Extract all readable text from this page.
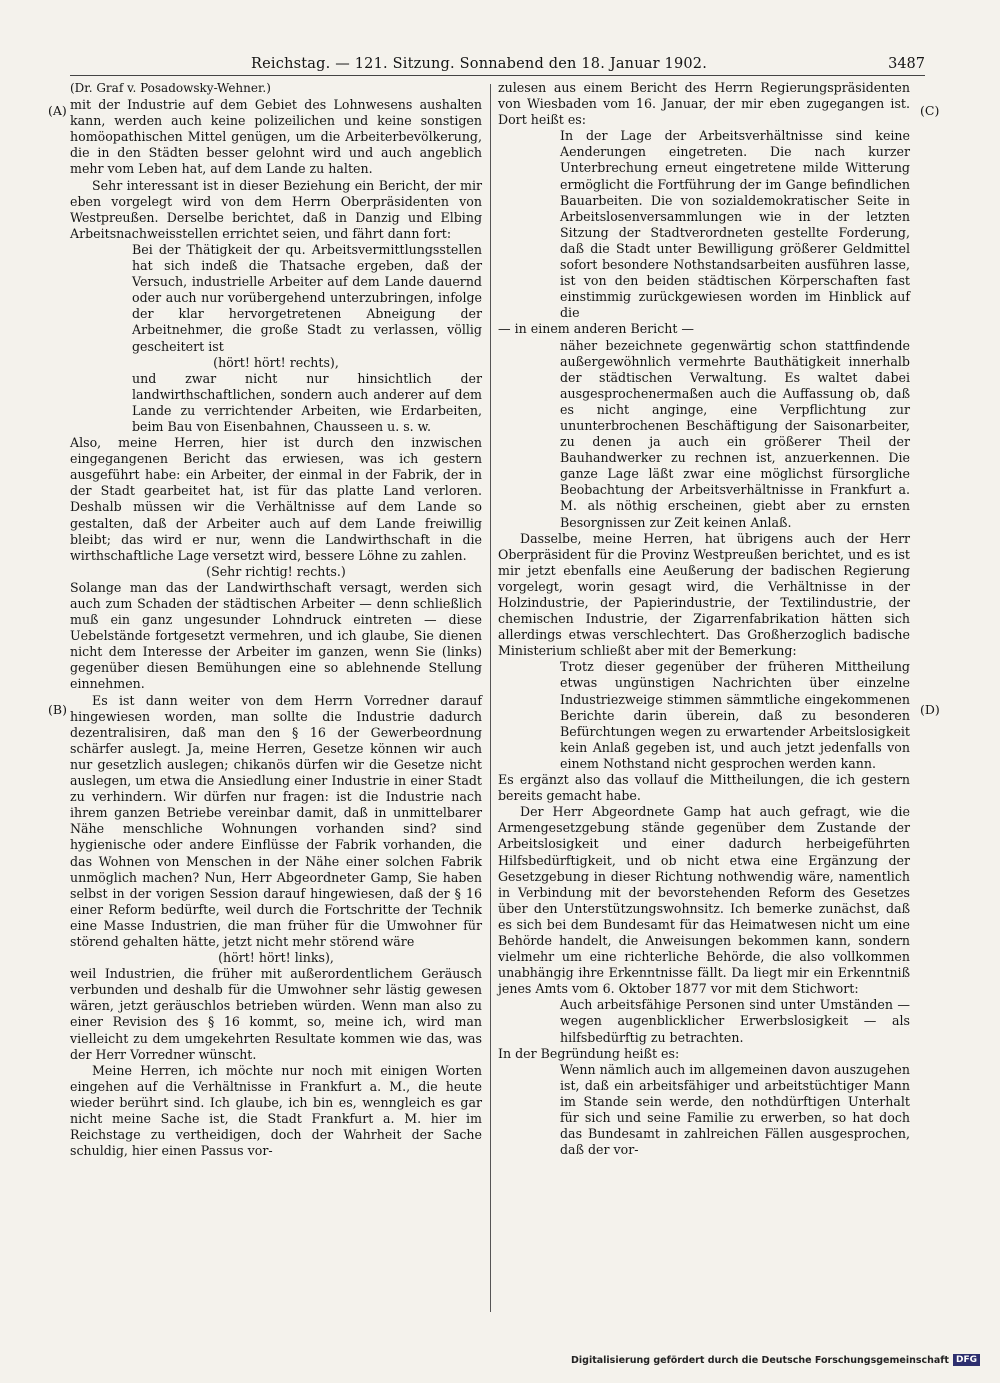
Reichstag. — 121. Sitzung. Sonnabend den 18. Januar 1902.	3487
(A)
(B)
(C)
(D)

(Dr. Graf v. Posadowsky-Wehner.)

mit der Industrie auf dem Gebiet des Lohnwesens aushalten kann, werden auch keine polizeilichen und keine sonstigen homöopathischen Mittel genügen, um die Arbeiterbevölkerung, die in den Städten besser gelohnt wird und auch angeblich mehr vom Leben hat, auf dem Lande zu halten.

Sehr interessant ist in dieser Beziehung ein Bericht, der mir eben vorgelegt wird von dem Herrn Oberpräsidenten von Westpreußen. Derselbe berichtet, daß in Danzig und Elbing Arbeitsnachweisstellen errichtet seien, und fährt dann fort:

Bei der Thätigkeit der qu. Arbeitsvermittlungsstellen hat sich indeß die Thatsache ergeben, daß der Versuch, industrielle Arbeiter auf dem Lande dauernd oder auch nur vorübergehend unterzubringen, infolge der klar hervorgetretenen Abneigung der Arbeitnehmer, die große Stadt zu verlassen, völlig gescheitert ist

(hört! hört! rechts),

und zwar nicht nur hinsichtlich der landwirthschaftlichen, sondern auch anderer auf dem Lande zu verrichtender Arbeiten, wie Erdarbeiten, beim Bau von Eisenbahnen, Chausseen u. s. w.

Also, meine Herren, hier ist durch den inzwischen eingegangenen Bericht das erwiesen, was ich gestern ausgeführt habe: ein Arbeiter, der einmal in der Fabrik, der in der Stadt gearbeitet hat, ist für das platte Land verloren. Deshalb müssen wir die Verhältnisse auf dem Lande so gestalten, daß der Arbeiter auch auf dem Lande freiwillig bleibt; das wird er nur, wenn die Landwirthschaft in die wirthschaftliche Lage versetzt wird, bessere Löhne zu zahlen.

(Sehr richtig! rechts.)

Solange man das der Landwirthschaft versagt, werden sich auch zum Schaden der städtischen Arbeiter — denn schließlich muß ein ganz ungesunder Lohndruck eintreten — diese Uebelstände fortgesetzt vermehren, und ich glaube, Sie dienen nicht dem Interesse der Arbeiter im ganzen, wenn Sie (links) gegenüber diesen Bemühungen eine so ablehnende Stellung einnehmen.

Es ist dann weiter von dem Herrn Vorredner darauf hingewiesen worden, man sollte die Industrie dadurch dezentralisiren, daß man den § 16 der Gewerbeordnung schärfer auslegt. Ja, meine Herren, Gesetze können wir auch nur gesetzlich auslegen; chikanös dürfen wir die Gesetze nicht auslegen, um etwa die Ansiedlung einer Industrie in einer Stadt zu verhindern. Wir dürfen nur fragen: ist die Industrie nach ihrem ganzen Betriebe vereinbar damit, daß in unmittelbarer Nähe menschliche Wohnungen vorhanden sind? sind hygienische oder andere Einflüsse der Fabrik vorhanden, die das Wohnen von Menschen in der Nähe einer solchen Fabrik unmöglich machen? Nun, Herr Abgeordneter Gamp, Sie haben selbst in der vorigen Session darauf hingewiesen, daß der § 16 einer Reform bedürfte, weil durch die Fortschritte der Technik eine Masse Industrien, die man früher für die Umwohner für störend gehalten hätte, jetzt nicht mehr störend wäre

(hört! hört! links),

weil Industrien, die früher mit außerordentlichem Geräusch verbunden und deshalb für die Umwohner sehr lästig gewesen wären, jetzt geräuschlos betrieben würden. Wenn man also zu einer Revision des § 16 kommt, so, meine ich, wird man vielleicht zu dem umgekehrten Resultate kommen wie das, was der Herr Vorredner wünscht.

Meine Herren, ich möchte nur noch mit einigen Worten eingehen auf die Verhältnisse in Frankfurt a. M., die heute wieder berührt sind. Ich glaube, ich bin es, wenngleich es gar nicht meine Sache ist, die Stadt Frankfurt a. M. hier im Reichstage zu vertheidigen, doch der Wahrheit der Sache schuldig, hier einen Passus vor-

zulesen aus einem Bericht des Herrn Regierungspräsidenten von Wiesbaden vom 16. Januar, der mir eben zugegangen ist. Dort heißt es:

In der Lage der Arbeitsverhältnisse sind keine Aenderungen eingetreten. Die nach kurzer Unterbrechung erneut eingetretene milde Witterung ermöglicht die Fortführung der im Gange befindlichen Bauarbeiten. Die von sozialdemokratischer Seite in Arbeitslosenversammlungen wie in der letzten Sitzung der Stadtverordneten gestellte Forderung, daß die Stadt unter Bewilligung größerer Geldmittel sofort besondere Nothstandsarbeiten ausführen lasse, ist von den beiden städtischen Körperschaften fast einstimmig zurückgewiesen worden im Hinblick auf die

— in einem anderen Bericht —

näher bezeichnete gegenwärtig schon stattfindende außergewöhnlich vermehrte Bauthätigkeit innerhalb der städtischen Verwaltung. Es waltet dabei ausgesprochenermaßen auch die Auffassung ob, daß es nicht angingе, eine Verpflichtung zur ununterbrochenen Beschäftigung der Saisonarbeiter, zu denen ja auch ein größerer Theil der Bauhandwerker zu rechnen ist, anzuerkennen. Die ganze Lage läßt zwar eine möglichst fürsorgliche Beobachtung der Arbeitsverhältnisse in Frankfurt a. M. als nöthig erscheinen, giebt aber zu ernsten Besorgnissen zur Zeit keinen Anlaß.

Dasselbe, meine Herren, hat übrigens auch der Herr Oberpräsident für die Provinz Westpreußen berichtet, und es ist mir jetzt ebenfalls eine Aeußerung der badischen Regierung vorgelegt, worin gesagt wird, die Verhältnisse in der Holzindustrie, der Papierindustrie, der Textilindustrie, der chemischen Industrie, der Zigarrenfabrikation hätten sich allerdings etwas verschlechtert. Das Großherzoglich badische Ministerium schließt aber mit der Bemerkung:

Trotz dieser gegenüber der früheren Mittheilung etwas ungünstigen Nachrichten über einzelne Industriezweige stimmen sämmtliche eingekommenen Berichte darin überein, daß zu besonderen Befürchtungen wegen zu erwartender Arbeitslosigkeit kein Anlaß gegeben ist, und auch jetzt jedenfalls von einem Nothstand nicht gesprochen werden kann.

Es ergänzt also das vollauf die Mittheilungen, die ich gestern bereits gemacht habe.

Der Herr Abgeordnete Gamp hat auch gefragt, wie die Armengesetzgebung stände gegenüber dem Zustande der Arbeitslosigkeit und einer dadurch herbeigeführten Hilfsbedürftigkeit, und ob nicht etwa eine Ergänzung der Gesetzgebung in dieser Richtung nothwendig wäre, namentlich in Verbindung mit der bevorstehenden Reform des Gesetzes über den Unterstützungswohnsitz. Ich bemerke zunächst, daß es sich bei dem Bundesamt für das Heimatwesen nicht um eine Behörde handelt, die Anweisungen bekommen kann, sondern vielmehr um eine richterliche Behörde, die also vollkommen unabhängig ihre Erkenntnisse fällt. Da liegt mir ein Erkenntniß jenes Amts vom 6. Oktober 1877 vor mit dem Stichwort:

Auch arbeitsfähige Personen sind unter Umständen — wegen augenblicklicher Erwerbslosigkeit — als hilfsbedürftig zu betrachten.

In der Begründung heißt es:

Wenn nämlich auch im allgemeinen davon auszugehen ist, daß ein arbeitsfähiger und arbeitstüchtiger Mann im Stande sein werde, den nothdürftigen Unterhalt für sich und seine Familie zu erwerben, so hat doch das Bundesamt in zahlreichen Fällen ausgesprochen, daß der vor-

Digitalisierung gefördert durch die Deutsche Forschungsgemeinschaft DFG
